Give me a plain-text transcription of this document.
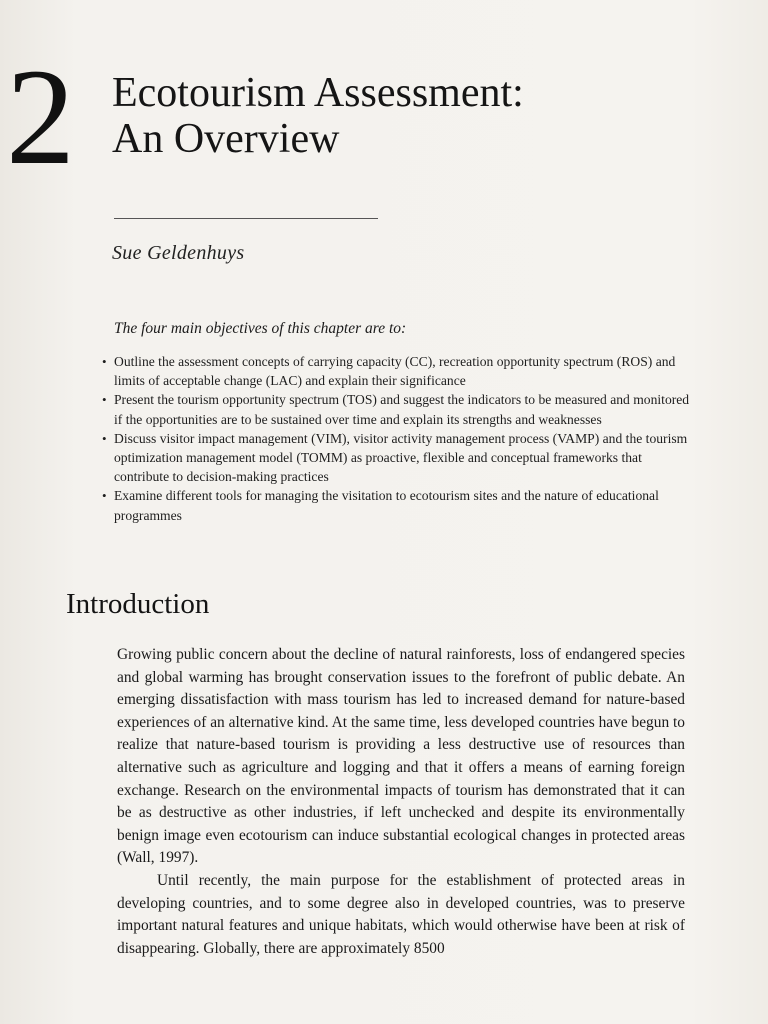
2 Ecotourism Assessment:
An Overview
Sue Geldenhuys
The four main objectives of this chapter are to:
• Outline the assessment concepts of carrying capacity (CC), recreation opportunity spectrum (ROS) and limits of acceptable change (LAC) and explain their significance
• Present the tourism opportunity spectrum (TOS) and suggest the indicators to be measured and monitored if the opportunities are to be sustained over time and explain its strengths and weaknesses
• Discuss visitor impact management (VIM), visitor activity management process (VAMP) and the tourism optimization management model (TOMM) as proactive, flexible and conceptual frameworks that contribute to decision-making practices
• Examine different tools for managing the visitation to ecotourism sites and the nature of educational programmes
Introduction

Growing public concern about the decline of natural rainforests, loss of endangered species and global warming has brought conservation issues to the forefront of public debate. An emerging dissatisfaction with mass tourism has led to increased demand for nature-based experiences of an alternative kind. At the same time, less developed countries have begun to realize that nature-based tourism is providing a less destructive use of resources than alternative such as agriculture and logging and that it offers a means of earning foreign exchange. Research on the environmental impacts of tourism has demonstrated that it can be as destructive as other industries, if left unchecked and despite its environmentally benign image even ecotourism can induce substantial ecological changes in protected areas (Wall, 1997).

Until recently, the main purpose for the establishment of protected areas in developing countries, and to some degree also in developed countries, was to preserve important natural features and unique habitats, which would otherwise have been at risk of disappearing. Globally, there are approximately 8500
